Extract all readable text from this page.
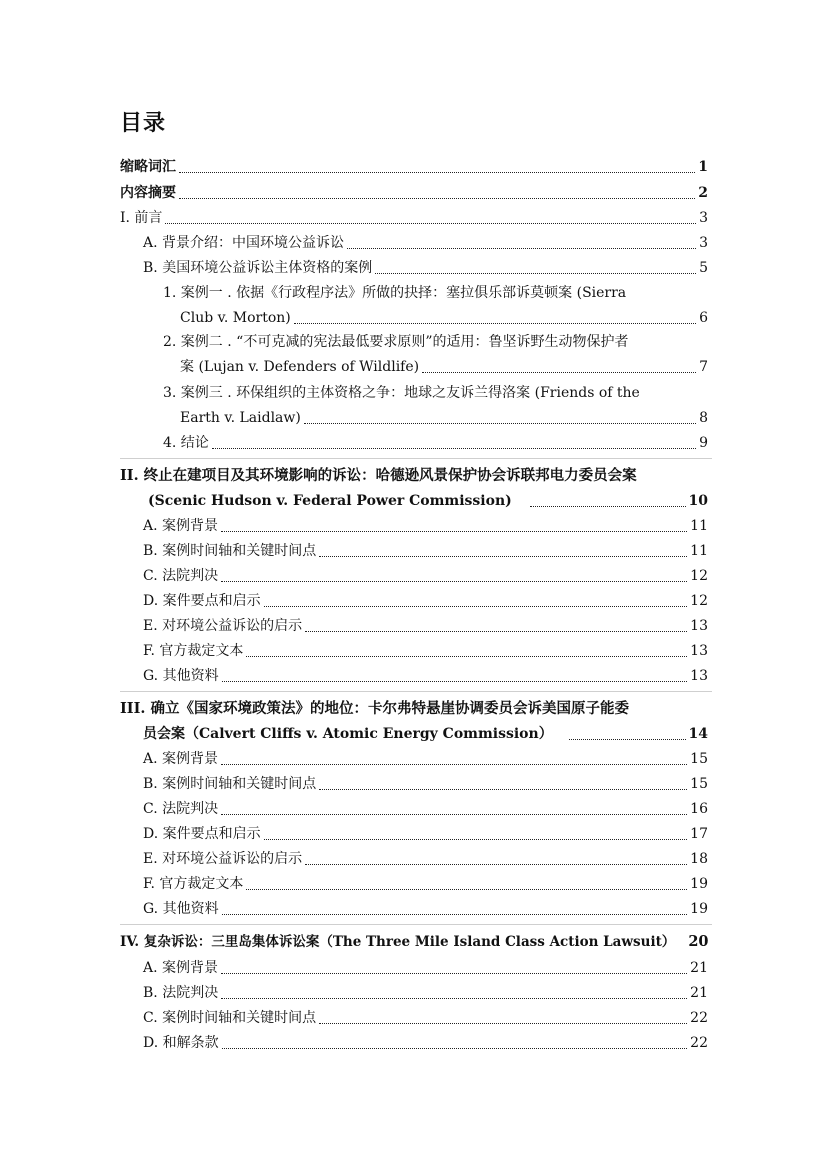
目录
缩略词汇	1
内容摘要	2
I. 前言	3
A. 背景介绍：中国环境公益诉讼	3
B. 美国环境公益诉讼主体资格的案例	5
1. 案例一 . 依据《行政程序法》所做的抉择：塞拉俱乐部诉莫顿案 (Sierra
Club v. Morton)	6
2. 案例二 . “不可克减的宪法最低要求原则”的适用：鲁坚诉野生动物保护者
案 (Lujan v. Defenders of Wildlife)	7
3. 案例三 . 环保组织的主体资格之争：地球之友诉兰得洛案 (Friends of the
Earth v. Laidlaw)	8
4. 结论	9
II. 终止在建项目及其环境影响的诉讼：哈德逊风景保护协会诉联邦电力委员会案
(Scenic Hudson v. Federal Power Commission)	10
A. 案例背景	11
B. 案例时间轴和关键时间点	11
C. 法院判决	12
D. 案件要点和启示	12
E. 对环境公益诉讼的启示	13
F. 官方裁定文本	13
G. 其他资料	13
III. 确立《国家环境政策法》的地位：卡尔弗特悬崖协调委员会诉美国原子能委
员会案（Calvert Cliffs v. Atomic Energy Commission）	14
A. 案例背景	15
B. 案例时间轴和关键时间点	15
C. 法院判决	16
D. 案件要点和启示	17
E. 对环境公益诉讼的启示	18
F. 官方裁定文本	19
G. 其他资料	19
IV. 复杂诉讼：三里岛集体诉讼案（The Three Mile Island Class Action Lawsuit） 20
A. 案例背景	21
B. 法院判决	21
C. 案例时间轴和关键时间点	22
D. 和解条款	22
